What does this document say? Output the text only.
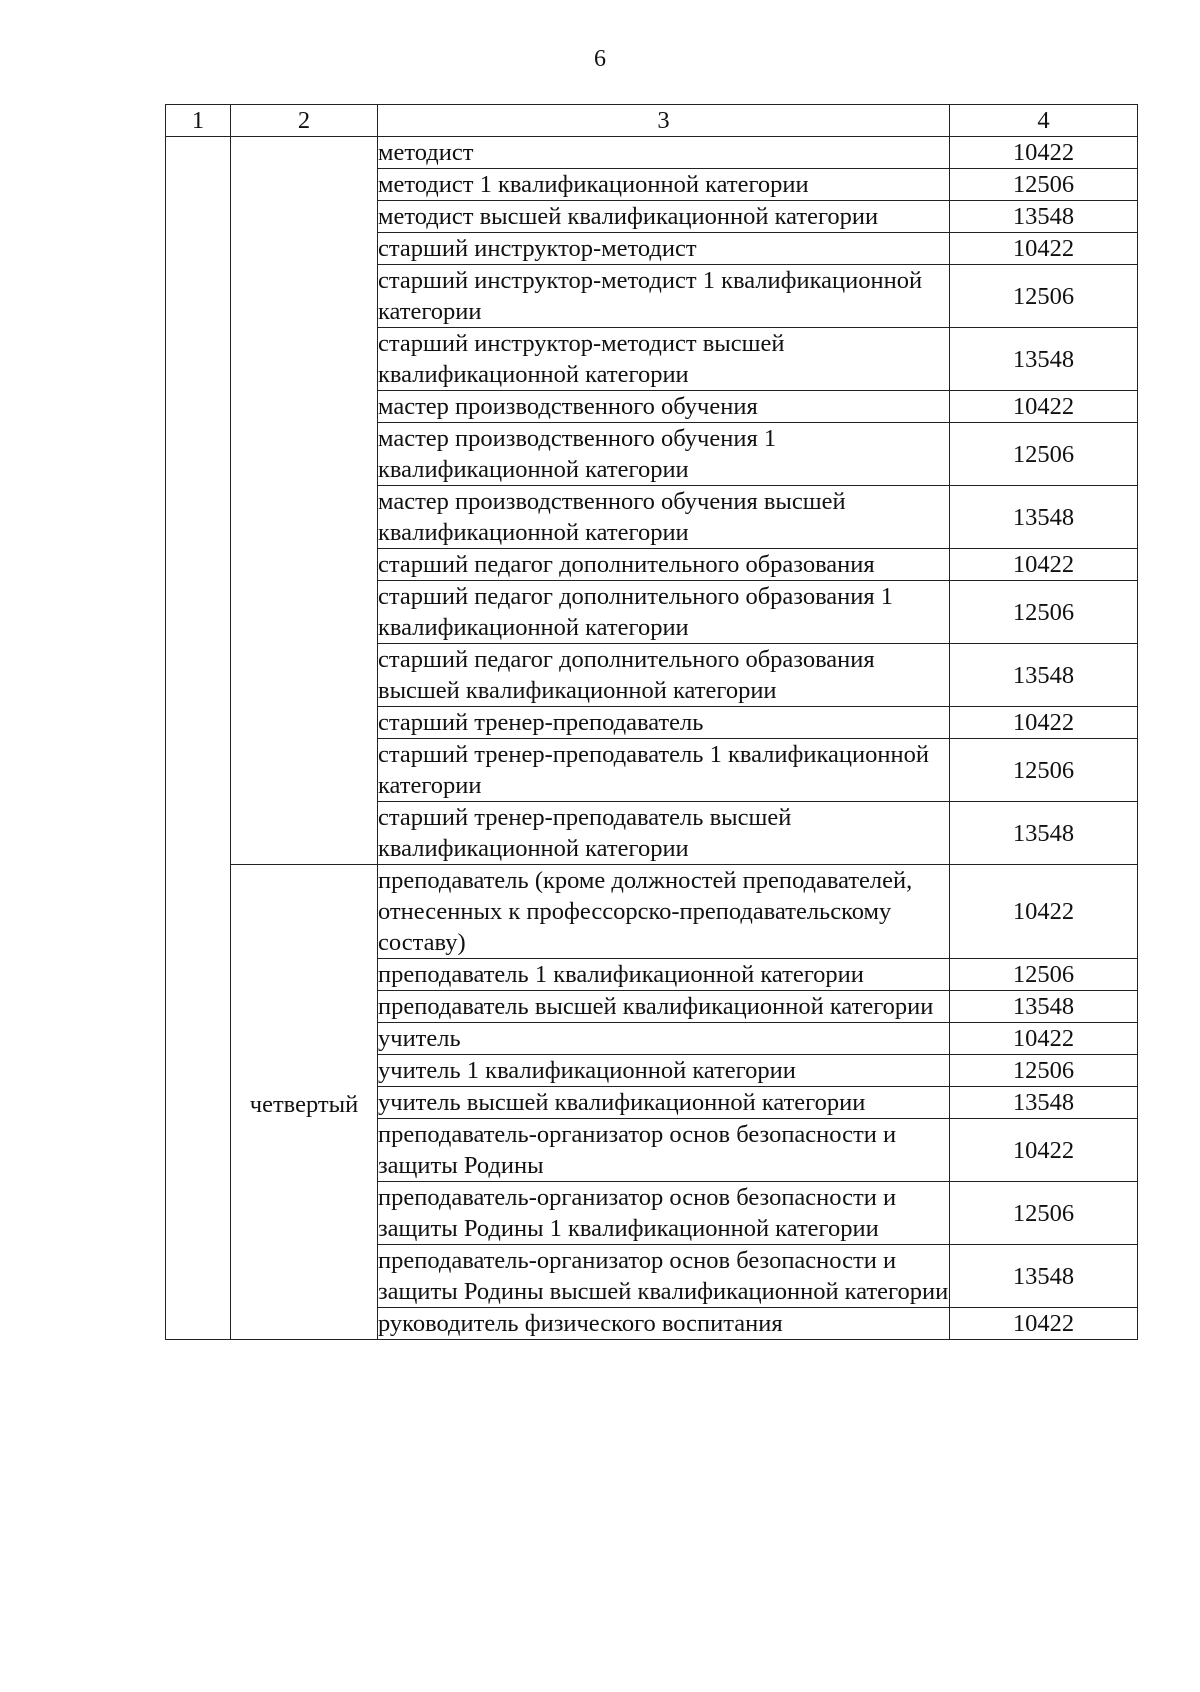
6
1	2	3	4
		методист	10422
		методист 1 квалификационной категории	12506
		методист высшей квалификационной категории	13548
		старший инструктор-методист	10422
		старший инструктор-методист 1 квалификационной категории	12506
		старший инструктор-методист высшей квалификационной категории	13548
		мастер производственного обучения	10422
		мастер производственного обучения 1 квалификационной категории	12506
		мастер производственного обучения высшей квалификационной категории	13548
		старший педагог дополнительного образования	10422
		старший педагог дополнительного образования 1 квалификационной категории	12506
		старший педагог дополнительного образования высшей квалификационной категории	13548
		старший тренер-преподаватель	10422
		старший тренер-преподаватель 1 квалификационной категории	12506
		старший тренер-преподаватель высшей квалификационной категории	13548
	четвертый	преподаватель (кроме должностей преподавателей, отнесенных к профессорско-преподавательскому составу)	10422
		преподаватель 1 квалификационной категории	12506
		преподаватель высшей квалификационной категории	13548
		учитель	10422
		учитель 1 квалификационной категории	12506
		учитель высшей квалификационной категории	13548
		преподаватель-организатор основ безопасности и защиты Родины	10422
		преподаватель-организатор основ безопасности и защиты Родины 1 квалификационной категории	12506
		преподаватель-организатор основ безопасности и защиты Родины высшей квалификационной категории	13548
		руководитель физического воспитания	10422
